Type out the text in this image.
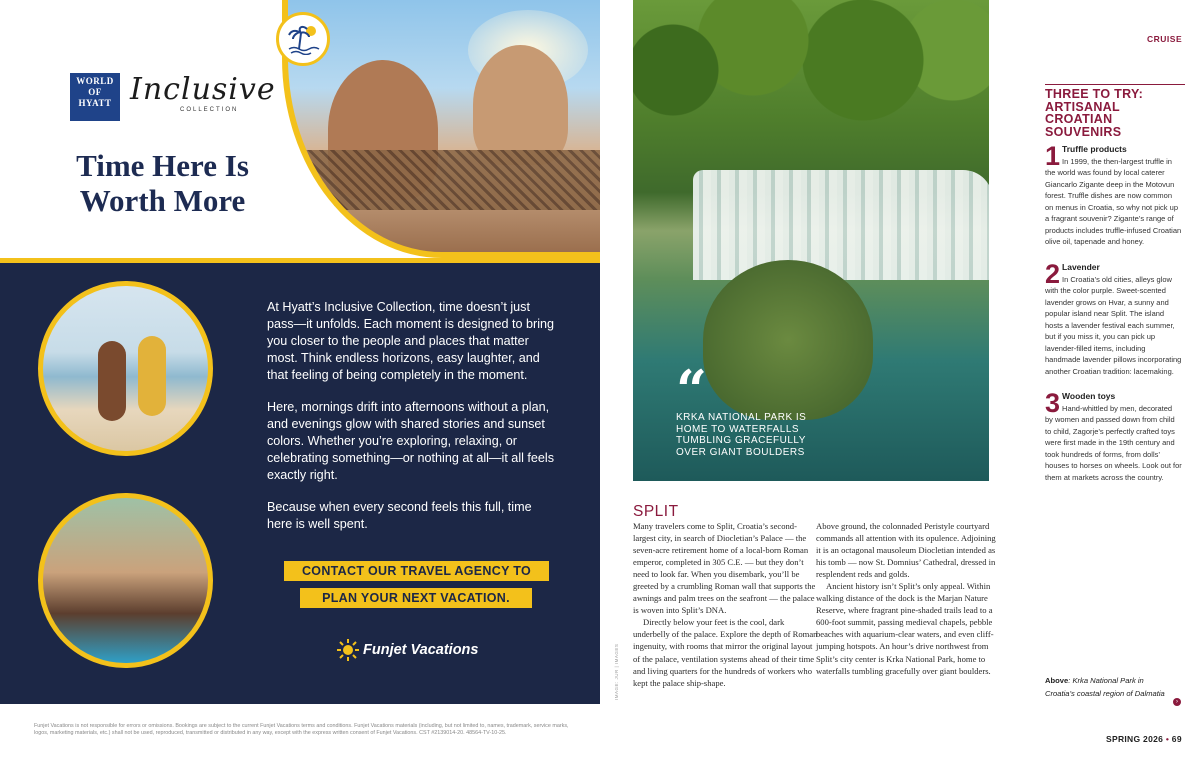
WORLD
OF
HYATT Inclusive
COLLECTION
Time Here Is Worth More

At Hyatt’s Inclusive Collection, time doesn’t just pass—it unfolds. Each moment is designed to bring you closer to the people and places that matter most. Think endless horizons, easy laughter, and that feeling of being completely in the moment.

Here, mornings drift into afternoons without a plan, and evenings glow with shared stories and sunset colors. Whether you’re exploring, relaxing, or celebrating something—or nothing at all—it all feels exactly right.

Because when every second feels this full, time here is well spent.

CONTACT OUR TRAVEL AGENCY TO
PLAN YOUR NEXT VACATION.
Funjet Vacations
Funjet Vacations is not responsible for errors or omissions. Bookings are subject to the current Funjet Vacations terms and conditions. Funjet Vacations materials (including, but not limited to, names, trademark, service marks, logos, marketing materials, etc.) shall not be used, reproduced, transmitted or distributed in any way, except with the express written consent of Funjet Vacations. CST #2139014-20. 48564-TV-10-25.
“
KRKA NATIONAL PARK IS HOME TO WATERFALLS TUMBLING GRACEFULLY OVER GIANT BOULDERS
CRUISE
THREE TO TRY: ARTISANAL CROATIAN SOUVENIRS
1 Truffle products
In 1999, the then-largest truffle in the world was found by local caterer Giancarlo Zigante deep in the Motovun forest. Truffle dishes are now common on menus in Croatia, so why not pick up a fragrant souvenir? Zigante’s range of products includes truffle-infused Croatian olive oil, tapenade and honey.
2 Lavender
In Croatia’s old cities, alleys glow with the color purple. Sweet-scented lavender grows on Hvar, a sunny and popular island near Split. The island hosts a lavender festival each summer, but if you miss it, you can pick up lavender-filled items, including handmade lavender pillows incorporating another Croatian tradition: lacemaking.
3 Wooden toys
Hand-whittled by men, decorated by women and passed down from child to child, Zagorje’s perfectly crafted toys were first made in the 19th century and took hundreds of forms, from dolls’ houses to horses on wheels. Look out for them at markets across the country.
SPLIT

Many travelers come to Split, Croatia’s second-largest city, in search of Diocletian’s Palace — the seven-acre retirement home of a local-born Roman emperor, completed in 305 C.E. — but they don’t need to look far. When you disembark, you’ll be greeted by a crumbling Roman wall that supports the awnings and palm trees on the seafront — the palace is woven into Split’s DNA.

Directly below your feet is the cool, dark underbelly of the palace. Explore the depth of Roman ingenuity, with rooms that mirror the original layout of the palace, ventilation systems ahead of their time and living quarters for the hundreds of workers who kept the palace ship-shape.

Above ground, the colonnaded Peristyle courtyard commands all attention with its opulence. Adjoining it is an octagonal mausoleum Diocletian intended as his tomb — now St. Domnius’ Cathedral, dressed in resplendent reds and golds.

Ancient history isn’t Split’s only appeal. Within walking distance of the dock is the Marjan Nature Reserve, where fragrant pine-shaded trails lead to a 600-foot summit, passing medieval chapels, pebble beaches with aquarium-clear waters, and even cliff-jumping hotspots. An hour’s drive northwest from Split’s city center is Krka National Park, home to waterfalls tumbling gracefully over giant boulders.

IMAGE: JUR | IMAGES	Above: Krka National Park in Croatia’s coastal region of Dalmatia
›
SPRING 2026 • 69
